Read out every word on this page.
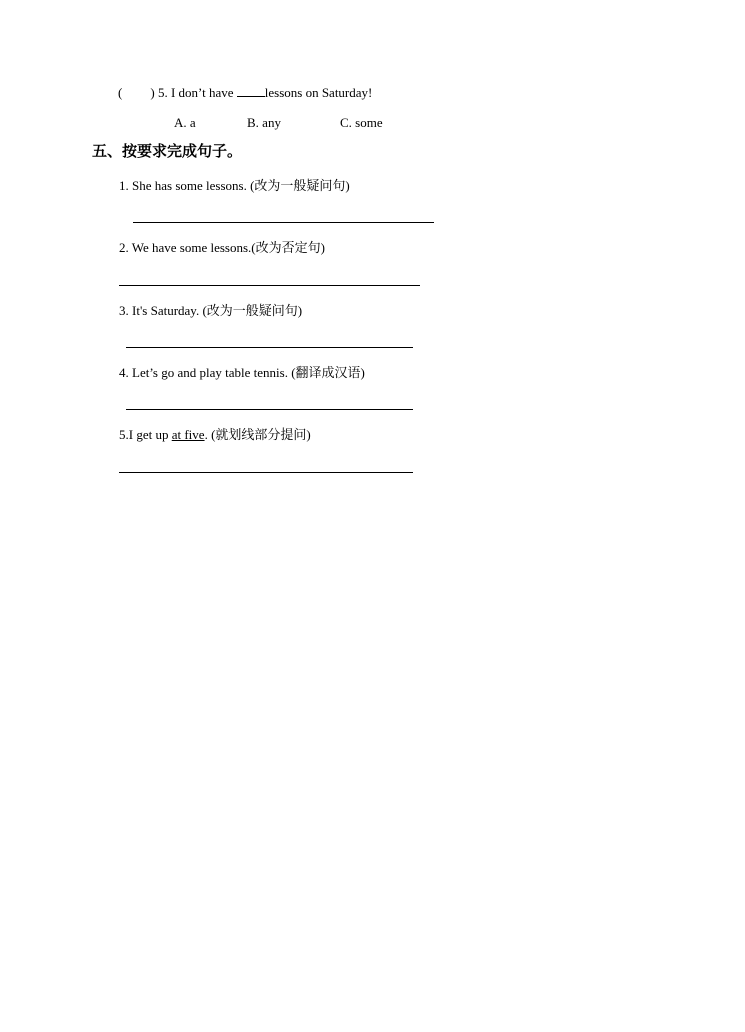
( ) 5. I don’t have lessons on Saturday!
A. a	B. any	C. some
五、按要求完成句子。
1. She has some lessons. (改为一般疑问句)
2. We have some lessons.(改为否定句)
3. It's Saturday. (改为一般疑问句)
4. Let’s go and play table tennis. (翻译成汉语)
5.I get up at five. (就划线部分提问)
